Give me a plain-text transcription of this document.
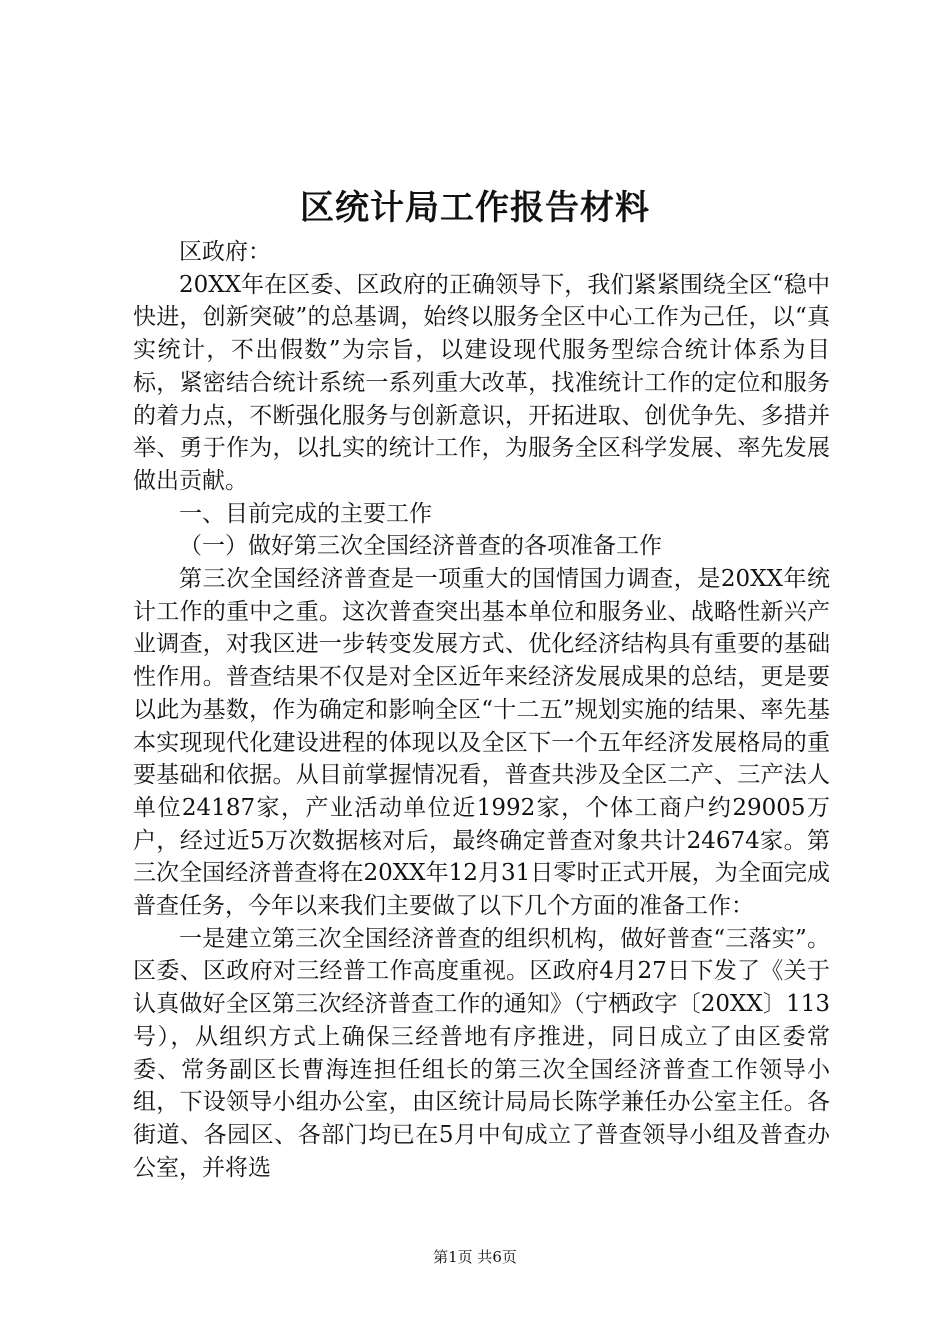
区统计局工作报告材料

区政府：

20XX年在区委、区政府的正确领导下，我们紧紧围绕全区“稳中快进，创新突破”的总基调，始终以服务全区中心工作为己任，以“真实统计，不出假数”为宗旨，以建设现代服务型综合统计体系为目标，紧密结合统计系统一系列重大改革，找准统计工作的定位和服务的着力点，不断强化服务与创新意识，开拓进取、创优争先、多措并举、勇于作为，以扎实的统计工作，为服务全区科学发展、率先发展做出贡献。

一、目前完成的主要工作

（一）做好第三次全国经济普查的各项准备工作

第三次全国经济普查是一项重大的国情国力调查，是20XX年统计工作的重中之重。这次普查突出基本单位和服务业、战略性新兴产业调查，对我区进一步转变发展方式、优化经济结构具有重要的基础性作用。普查结果不仅是对全区近年来经济发展成果的总结，更是要以此为基数，作为确定和影响全区“十二五”规划实施的结果、率先基本实现现代化建设进程的体现以及全区下一个五年经济发展格局的重要基础和依据。从目前掌握情况看，普查共涉及全区二产、三产法人单位24187家，产业活动单位近1992家，个体工商户约29005万户，经过近5万次数据核对后，最终确定普查对象共计24674家。第三次全国经济普查将在20XX年12月31日零时正式开展，为全面完成普查任务，今年以来我们主要做了以下几个方面的准备工作：

一是建立第三次全国经济普查的组织机构，做好普查“三落实”。区委、区政府对三经普工作高度重视。区政府4月27日下发了《关于认真做好全区第三次经济普查工作的通知》（宁栖政字〔20XX〕113号），从组织方式上确保三经普地有序推进，同日成立了由区委常委、常务副区长曹海连担任组长的第三次全国经济普查工作领导小组，下设领导小组办公室，由区统计局局长陈学兼任办公室主任。各街道、各园区、各部门均已在5月中旬成立了普查领导小组及普查办公室，并将选

第1页 共6页
